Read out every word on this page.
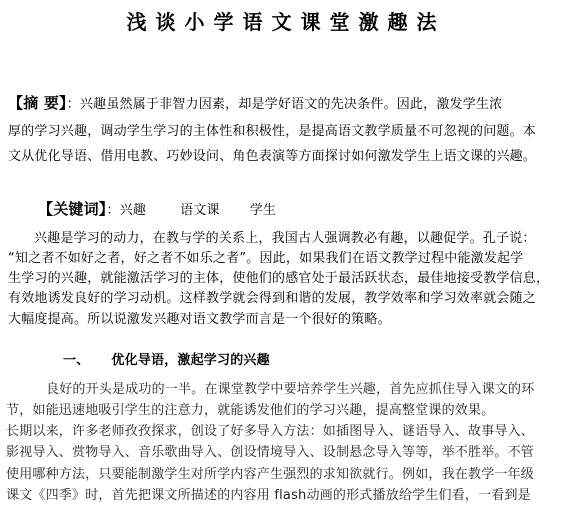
浅谈小学语文课堂激趣法
【摘 要】：兴趣虽然属于非智力因素，却是学好语文的先决条件。因此，激发学生浓
厚的学习兴趣，调动学生学习的主体性和积极性，是提高语文教学质量不可忽视的问题。本
文从优化导语、借用电教、巧妙设问、角色表演等方面探讨如何激发学生上语文课的兴趣。
【关键词】：兴趣	语文课 学生
兴趣是学习的动力，在教与学的关系上，我国古人强调教必有趣，以趣促学。孔子说：
“知之者不如好之者，好之者不如乐之者”。因此，如果我们在语文教学过程中能激发起学
生学习的兴趣，就能激活学习的主体，使他们的感官处于最活跃状态，最佳地接受教学信息，
有效地诱发良好的学习动机。这样教学就会得到和谐的发展，教学效率和学习效率就会随之
大幅度提高。所以说激发兴趣对语文教学而言是一个很好的策略。
一、 优化导语，激起学习的兴趣
良好的开头是成功的一半。在课堂教学中要培养学生兴趣，首先应抓住导入课文的环
节，如能迅速地吸引学生的注意力，就能诱发他们的学习兴趣，提高整堂课的效果。
长期以来，许多老师孜孜探求，创设了好多导入方法：如插图导入、谜语导入、故事导入、
影视导入、赏物导入、音乐歌曲导入、创设情境导入、设制悬念导入等等，举不胜举。不管
使用哪种方法，只要能制激学生对所学内容产生强烈的求知欲就行。例如，我在教学一年级
课文《四季》时，首先把课文所描述的内容用 flash动画的形式播放给学生们看，一看到是
